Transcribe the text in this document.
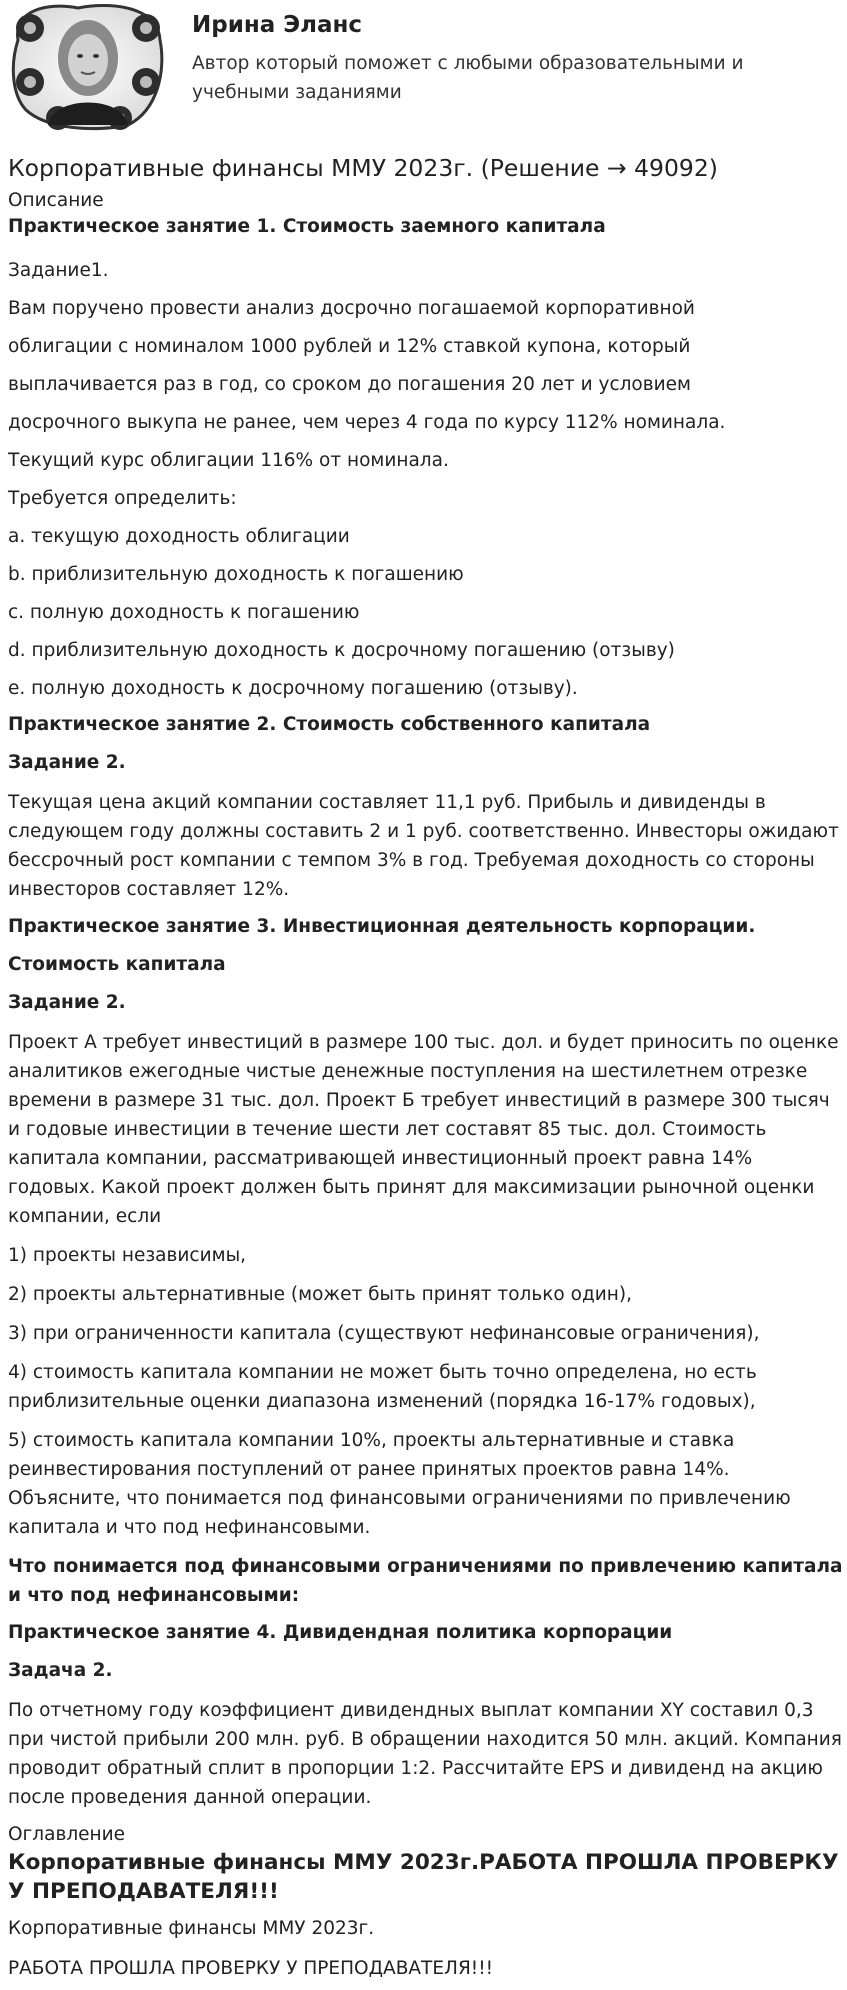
Ирина Эланс
Автор который поможет с любыми образовательными и учебными заданиями
Корпоративные финансы ММУ 2023г. (Решение → 49092)
Описание
Практическое занятие 1. Стоимость заемного капитала

Задание1.

Вам поручено провести анализ досрочно погашаемой корпоративной

облигации с номиналом 1000 рублей и 12% ставкой купона, который

выплачивается раз в год, со сроком до погашения 20 лет и условием

досрочного выкупа не ранее, чем через 4 года по курсу 112% номинала.

Текущий курс облигации 116% от номинала.

Требуется определить:

a. текущую доходность облигации

b. приблизительную доходность к погашению

c. полную доходность к погашению

d. приблизительную доходность к досрочному погашению (отзыву)

e. полную доходность к досрочному погашению (отзыву).

Практическое занятие 2. Стоимость собственного капитала
Задание 2.

Текущая цена акций компании составляет 11,1 руб. Прибыль и дивиденды в следующем году должны составить 2 и 1 руб. соответственно. Инвесторы ожидают бессрочный рост компании с темпом 3% в год. Требуемая доходность со стороны инвесторов составляет 12%.

Практическое занятие 3. Инвестиционная деятельность корпорации.
Стоимость капитала
Задание 2.

Проект А требует инвестиций в размере 100 тыс. дол. и будет приносить по оценке аналитиков ежегодные чистые денежные поступления на шестилетнем отрезке времени в размере 31 тыс. дол. Проект Б требует инвестиций в размере 300 тысяч и годовые инвестиции в течение шести лет составят 85 тыс. дол. Стоимость капитала компании, рассматривающей инвестиционный проект равна 14% годовых. Какой проект должен быть принят для максимизации рыночной оценки компании, если

1) проекты независимы,

2) проекты альтернативные (может быть принят только один),

3) при ограниченности капитала (существуют нефинансовые ограничения),

4) стоимость капитала компании не может быть точно определена, но есть приблизительные оценки диапазона изменений (порядка 16-17% годовых),

5) стоимость капитала компании 10%, проекты альтернативные и ставка реинвестирования поступлений от ранее принятых проектов равна 14%. Объясните, что понимается под финансовыми ограничениями по привлечению капитала и что под нефинансовыми.

Что понимается под финансовыми ограничениями по привлечению капитала и что под нефинансовыми:

Практическое занятие 4. Дивидендная политика корпорации
Задача 2.

По отчетному году коэффициент дивидендных выплат компании XY составил 0,3 при чистой прибыли 200 млн. руб. В обращении находится 50 млн. акций. Компания проводит обратный сплит в пропорции 1:2. Рассчитайте EPS и дивиденд на акцию после проведения данной операции.

Оглавление
Корпоративные финансы ММУ 2023г.РАБОТА ПРОШЛА ПРОВЕРКУ У ПРЕПОДАВАТЕЛЯ!!!

Корпоративные финансы ММУ 2023г.

РАБОТА ПРОШЛА ПРОВЕРКУ У ПРЕПОДАВАТЕЛЯ!!!
